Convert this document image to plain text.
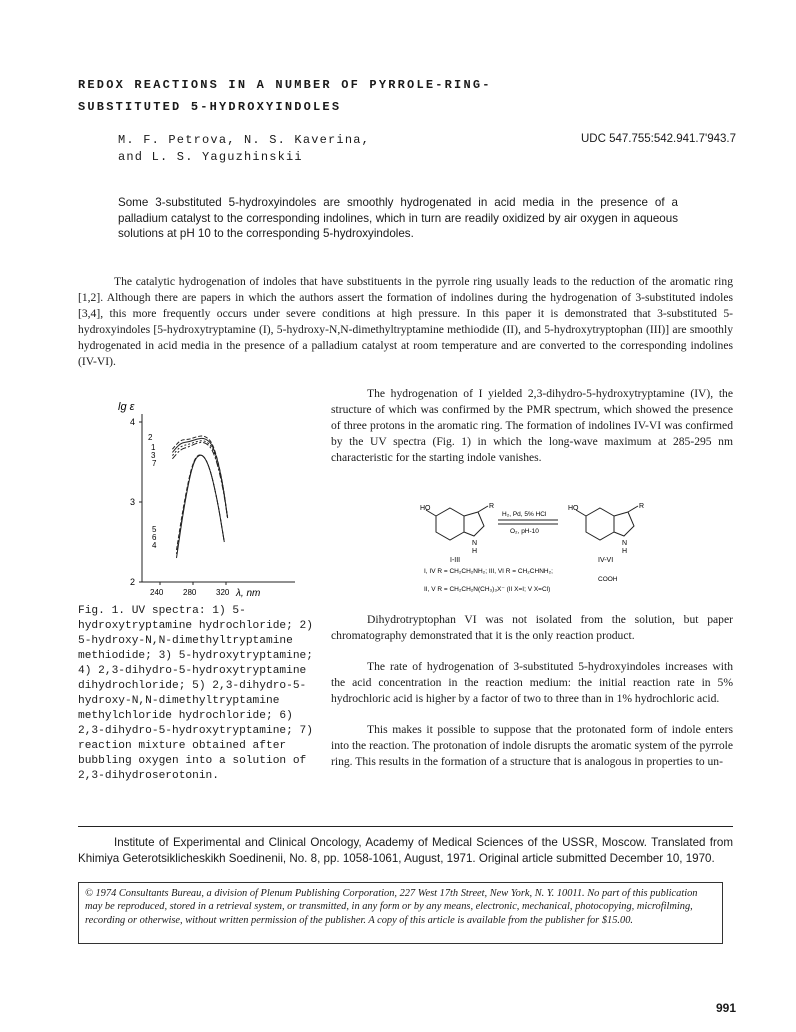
REDOX REACTIONS IN A NUMBER OF PYRROLE-RING-
SUBSTITUTED 5-HYDROXYINDOLES
M. F. Petrova, N. S. Kaverina,
and L. S. Yaguzhinskii
UDC 547.755:542.941.7'943.7
Some 3-substituted 5-hydroxyindoles are smoothly hydrogenated in acid media in the presence of a palladium catalyst to the corresponding indolines, which in turn are readily oxidized by air oxygen in aqueous solutions at pH 10 to the corresponding 5-hydroxyindoles.
The catalytic hydrogenation of indoles that have substituents in the pyrrole ring usually leads to the reduction of the aromatic ring [1,2]. Although there are papers in which the authors assert the formation of indolines during the hydrogenation of 3-substituted indoles [3,4], this more frequently occurs under severe conditions at high pressure. In this paper it is demonstrated that 3-substituted 5-hydroxyindoles [5-hydroxytryptamine (I), 5-hydroxy-N,N-dimethyltryptamine methiodide (II), and 5-hydroxytryptophan (III)] are smoothly hydrogenated in acid media in the presence of a palladium catalyst at room temperature and are converted to the corresponding indolines (IV-VI).
lg ε
2
3
4
240 280 320 λ, nm
2
1
3
7
5
6
4
Fig. 1. UV spectra: 1) 5-hydroxytryptamine hydrochloride; 2) 5-hydroxy-N,N-dimethyltryptamine methiodide; 3) 5-hydroxytryptamine; 4) 2,3-dihydro-5-hydroxytryptamine dihydrochloride; 5) 2,3-dihydro-5-hydroxy-N,N-dimethyltryptamine methylchloride hydrochloride; 6) 2,3-dihydro-5-hydroxytryptamine; 7) reaction mixture obtained after bubbling oxygen into a solution of 2,3-dihydroserotonin.

The hydrogenation of I yielded 2,3-dihydro-5-hydroxytryptamine (IV), the structure of which was confirmed by the PMR spectrum, which showed the presence of three protons in the aromatic ring. The formation of indolines IV-VI was confirmed by the UV spectra (Fig. 1) in which the long-wave maximum at 285-295 nm characteristic for the starting indole vanishes.

HO	R
N
H
I-III
H₂, Pd, 5% HCl
O₂, pH-10
HO	R
N
H
IV-VI
I, IV R = CH₂CH₂NH₂; III, VI R = CH₂CHNH₂;
COOH
II, V R = CH₂CH₂N(CH₃)₃X⁻ (II X=I; V X=Cl)

Dihydrotryptophan VI was not isolated from the solution, but paper chromatography demonstrated that it is the only reaction product.

The rate of hydrogenation of 3-substituted 5-hydroxyindoles increases with the acid concentration in the reaction medium: the initial reaction rate in 5% hydrochloric acid is higher by a factor of two to three than in 1% hydrochloric acid.

This makes it possible to suppose that the protonated form of indole enters into the reaction. The protonation of indole disrupts the aromatic system of the pyrrole ring. This results in the formation of a structure that is analogous in properties to un-

Institute of Experimental and Clinical Oncology, Academy of Medical Sciences of the USSR, Moscow. Translated from Khimiya Geterotsiklicheskikh Soedinenii, No. 8, pp. 1058-1061, August, 1971. Original article submitted December 10, 1970.
© 1974 Consultants Bureau, a division of Plenum Publishing Corporation, 227 West 17th Street, New York, N. Y. 10011. No part of this publication may be reproduced, stored in a retrieval system, or transmitted, in any form or by any means, electronic, mechanical, photocopying, microfilming, recording or otherwise, without written permission of the publisher. A copy of this article is available from the publisher for $15.00.
991
